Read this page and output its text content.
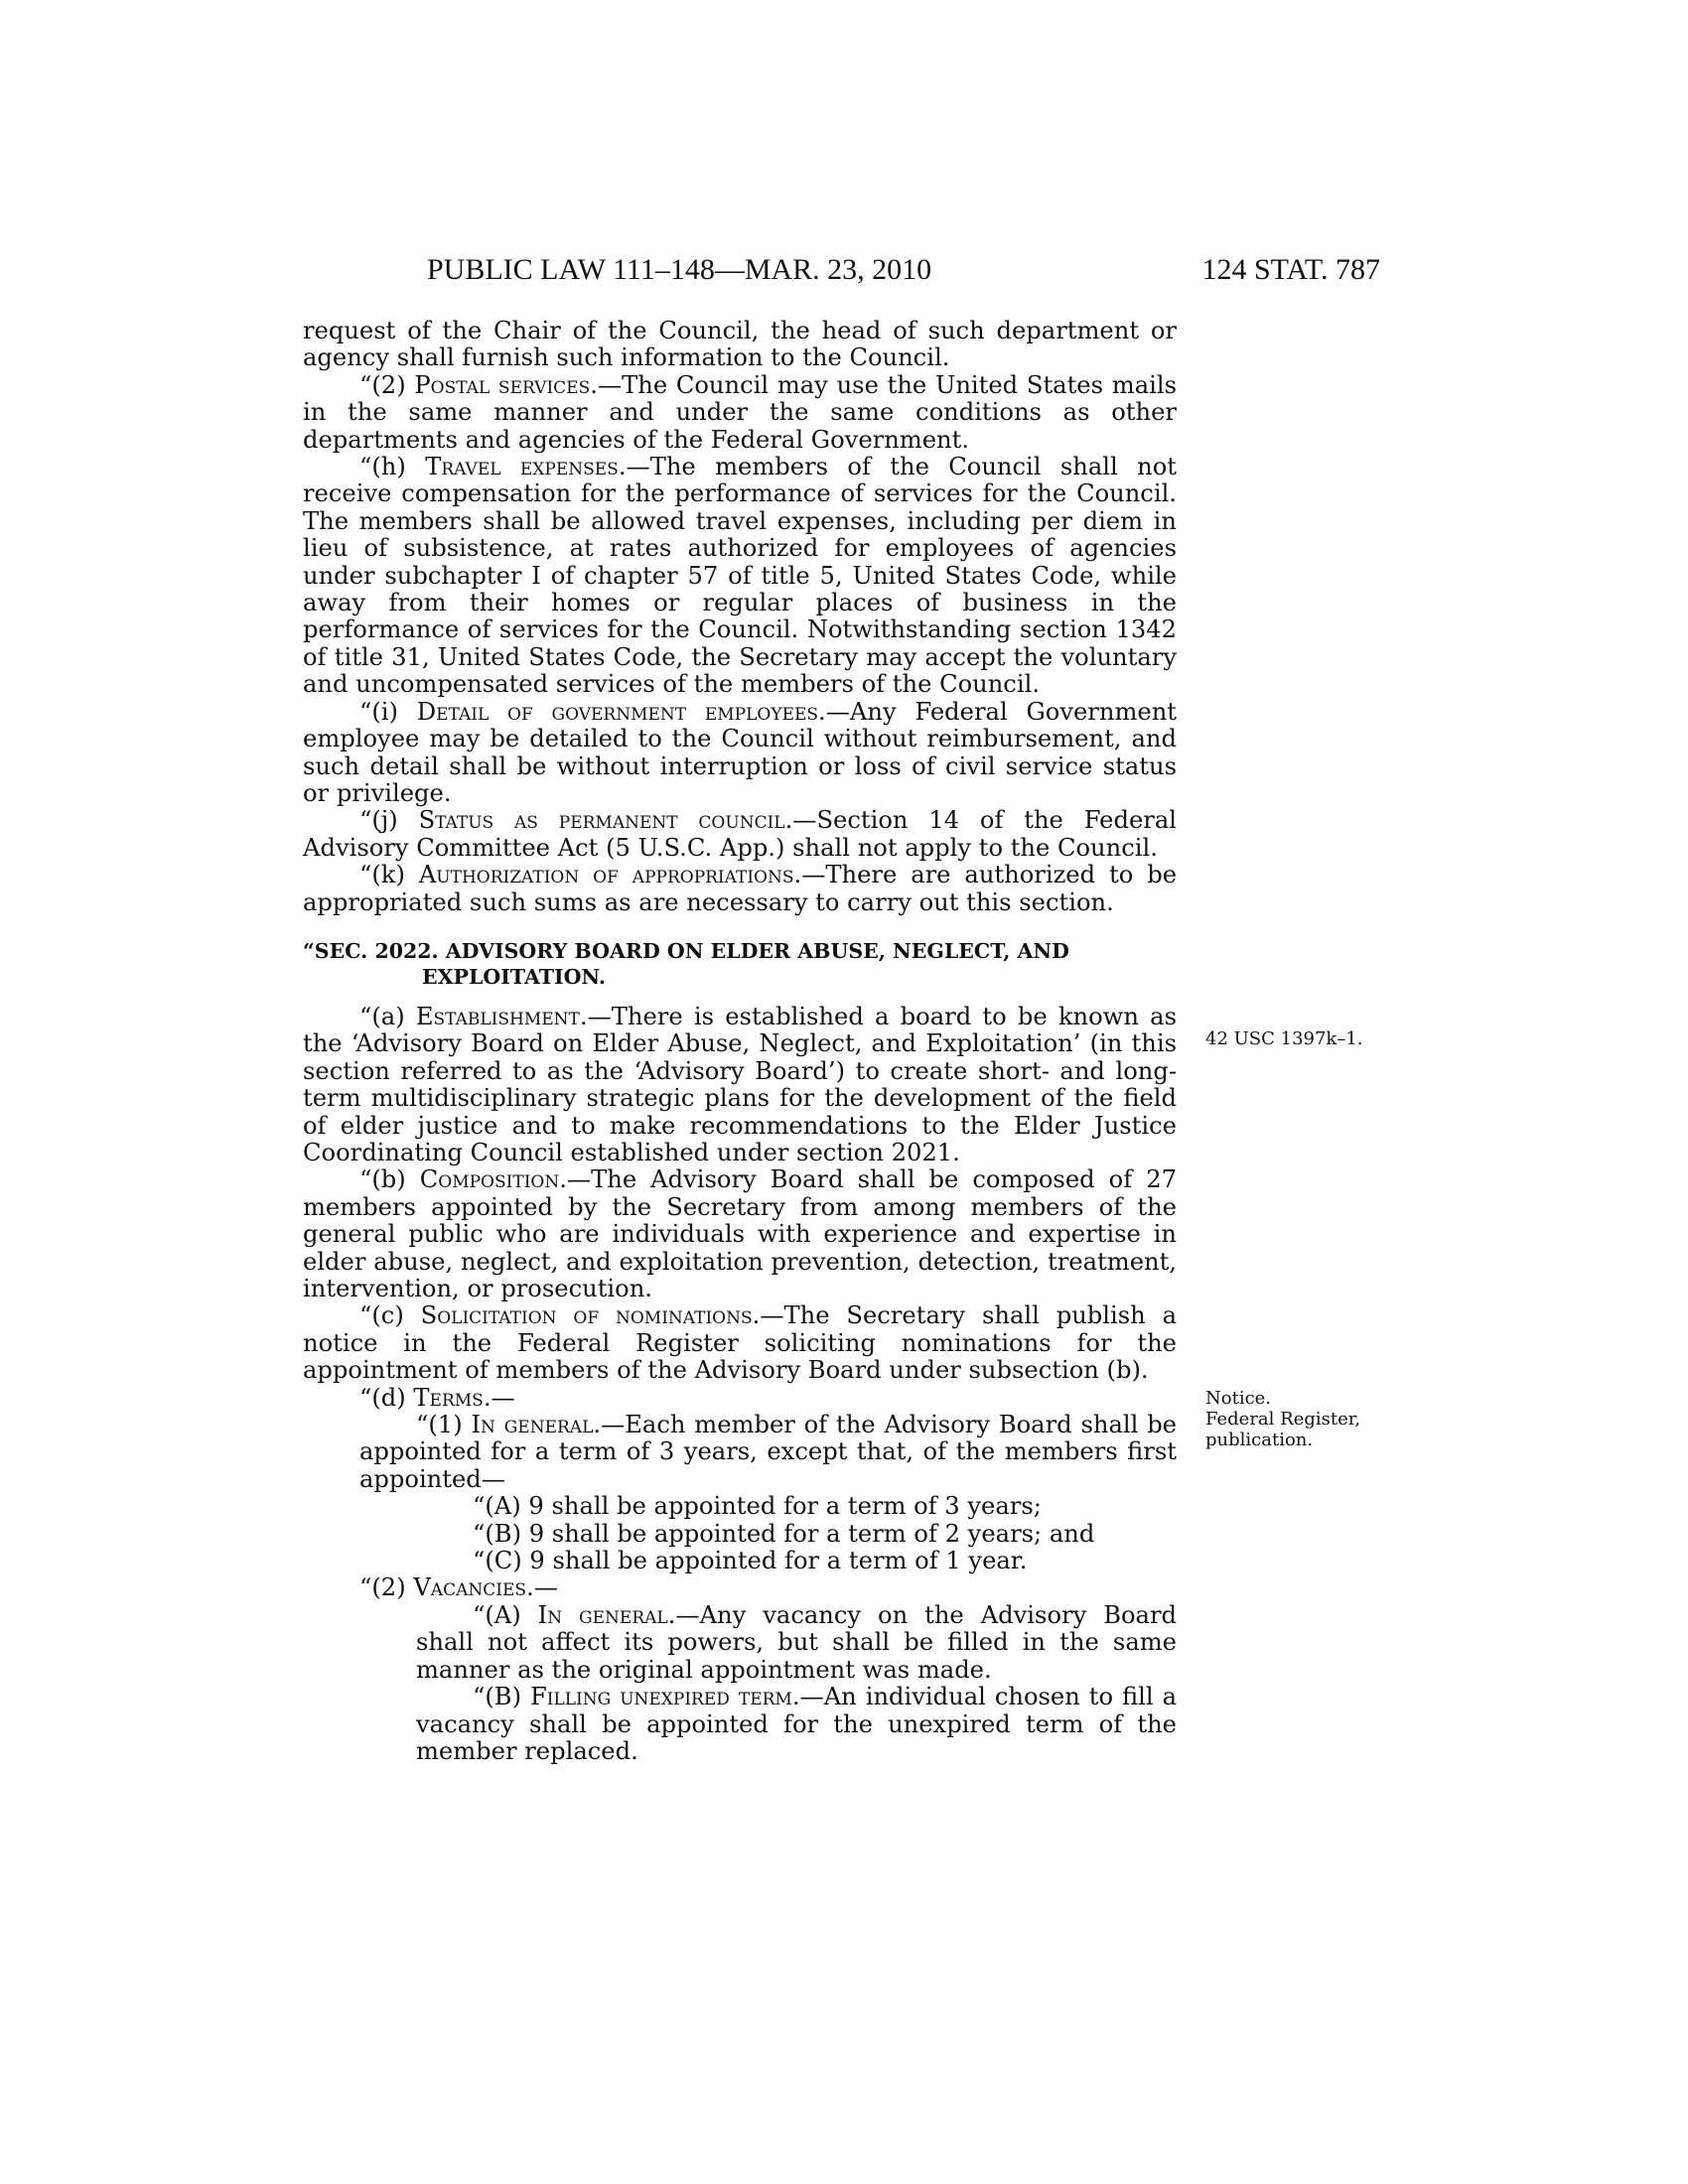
PUBLIC LAW 111–148—MAR. 23, 2010	124 STAT. 787

request of the Chair of the Council, the head of such department or agency shall furnish such information to the Council.

“(2) Postal services.—The Council may use the United States mails in the same manner and under the same conditions as other departments and agencies of the Federal Government.

“(h) Travel expenses.—The members of the Council shall not receive compensation for the performance of services for the Council. The members shall be allowed travel expenses, including per diem in lieu of subsistence, at rates authorized for employees of agencies under subchapter I of chapter 57 of title 5, United States Code, while away from their homes or regular places of business in the performance of services for the Council. Notwithstanding section 1342 of title 31, United States Code, the Secretary may accept the voluntary and uncompensated services of the members of the Council.

“(i) Detail of government employees.—Any Federal Government employee may be detailed to the Council without reimbursement, and such detail shall be without interruption or loss of civil service status or privilege.

“(j) Status as permanent council.—Section 14 of the Federal Advisory Committee Act (5 U.S.C. App.) shall not apply to the Council.

“(k) Authorization of appropriations.—There are authorized to be appropriated such sums as are necessary to carry out this section.

“SEC. 2022. ADVISORY BOARD ON ELDER ABUSE, NEGLECT, AND
EXPLOITATION.

“(a) Establishment.—There is established a board to be known as the ‘Advisory Board on Elder Abuse, Neglect, and Exploitation’ (in this section referred to as the ‘Advisory Board’) to create short- and long-term multidisciplinary strategic plans for the development of the field of elder justice and to make recommendations to the Elder Justice Coordinating Council established under section 2021.

“(b) Composition.—The Advisory Board shall be composed of 27 members appointed by the Secretary from among members of the general public who are individuals with experience and expertise in elder abuse, neglect, and exploitation prevention, detection, treatment, intervention, or prosecution.

“(c) Solicitation of nominations.—The Secretary shall publish a notice in the Federal Register soliciting nominations for the appointment of members of the Advisory Board under subsection (b).

“(d) Terms.—

“(1) In general.—Each member of the Advisory Board shall be appointed for a term of 3 years, except that, of the members first appointed—

“(A) 9 shall be appointed for a term of 3 years;

“(B) 9 shall be appointed for a term of 2 years; and

“(C) 9 shall be appointed for a term of 1 year.

“(2) Vacancies.—

“(A) In general.—Any vacancy on the Advisory Board shall not affect its powers, but shall be filled in the same manner as the original appointment was made.

“(B) Filling unexpired term.—An individual chosen to fill a vacancy shall be appointed for the unexpired term of the member replaced.

42 USC 1397k–1.
Notice.
Federal Register,
publication.
